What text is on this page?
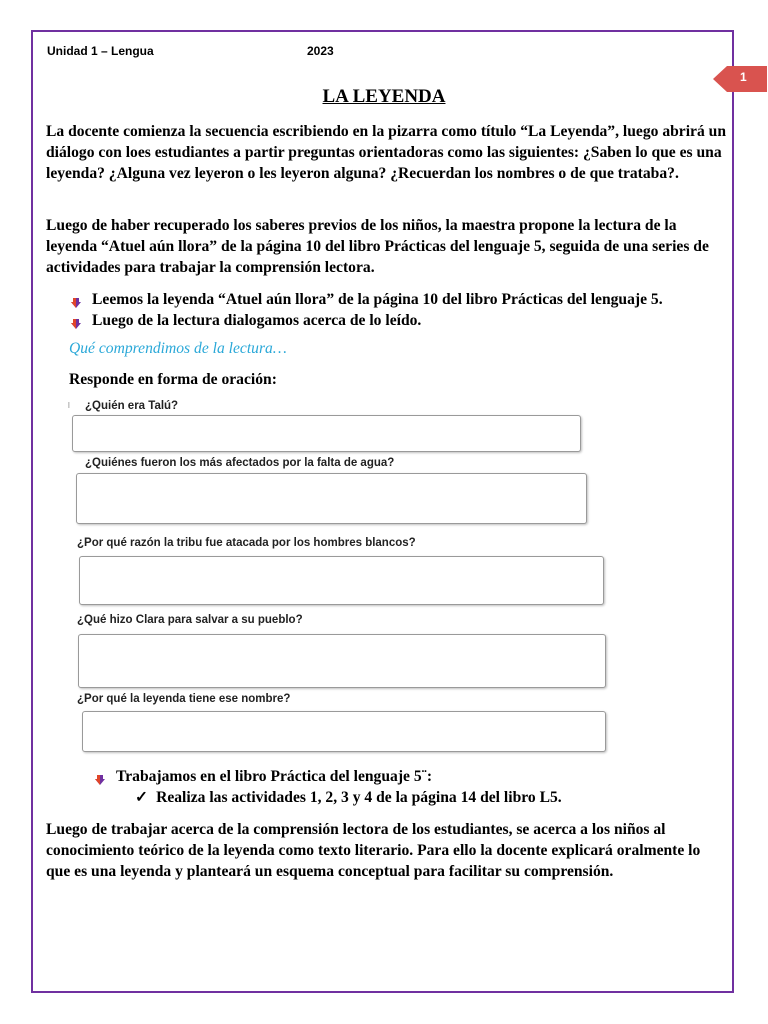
Unidad 1 – Lengua	2023
1
LA LEYENDA

La docente comienza la secuencia escribiendo en la pizarra como título “La Leyenda”, luego abrirá un diálogo con loes estudiantes a partir preguntas orientadoras como las siguientes: ¿Saben lo que es una leyenda? ¿Alguna vez leyeron o les leyeron alguna? ¿Recuerdan los nombres o de que trataba?.

Luego de haber recuperado los saberes previos de los niños, la maestra propone la lectura de la leyenda “Atuel aún llora” de la página 10 del libro Prácticas del lenguaje 5, seguida de una series de actividades para trabajar la comprensión lectora.

Leemos la leyenda “Atuel aún llora” de la página 10 del libro Prácticas del lenguaje 5.
Luego de la lectura dialogamos acerca de lo leído.
Qué comprendimos de la lectura…
Responde en forma de oración:
l ¿Quién era Talú?
¿Quiénes fueron los más afectados por la falta de agua?
¿Por qué razón la tribu fue atacada por los hombres blancos?
¿Qué hizo Clara para salvar a su pueblo?
¿Por qué la leyenda tiene ese nombre?
Trabajamos en el libro Práctica del lenguaje 5¨:
✓ Realiza las actividades 1, 2, 3 y 4 de la página 14 del libro L5.

Luego de trabajar acerca de la comprensión lectora de los estudiantes, se acerca a los niños al conocimiento teórico de la leyenda como texto literario. Para ello la docente explicará oralmente lo que es una leyenda y planteará un esquema conceptual para facilitar su comprensión.
